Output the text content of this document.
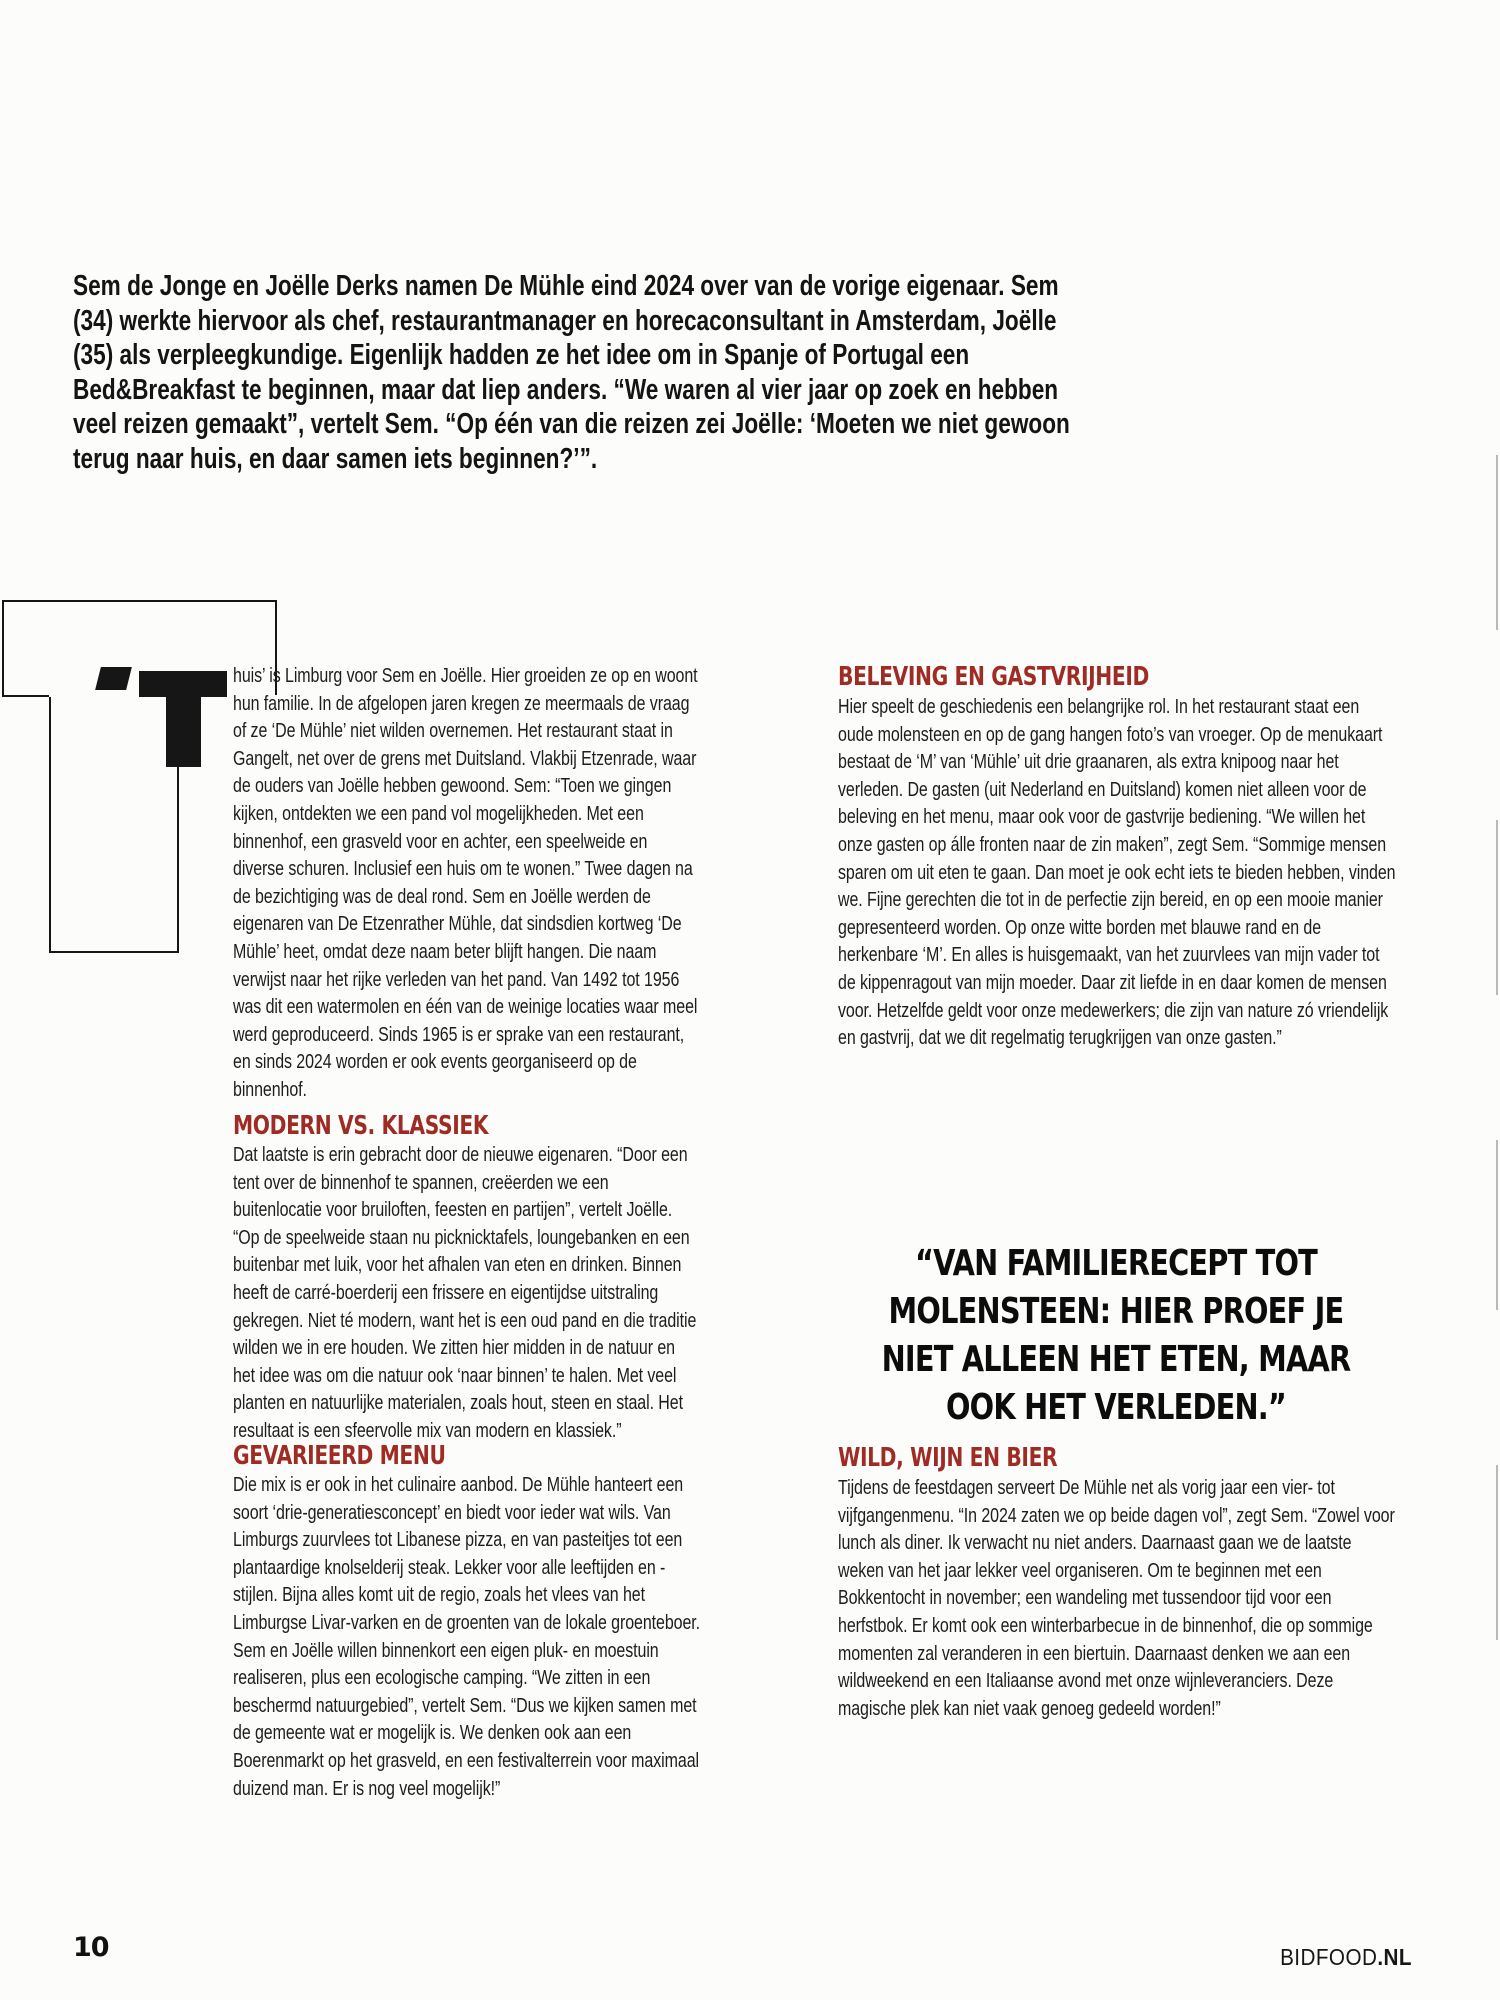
Sem de Jonge en Joëlle Derks namen De Mühle eind 2024 over van de vorige eigenaar. Sem (34) werkte hiervoor als chef, restaurantmanager en horecaconsultant in Amsterdam, Joëlle (35) als verpleegkundige. Eigenlijk hadden ze het idee om in Spanje of Portugal een Bed&Breakfast te beginnen, maar dat liep anders. “We waren al vier jaar op zoek en hebben veel reizen gemaakt”, vertelt Sem. “Op één van die reizen zei Joëlle: ‘Moeten we niet gewoon terug naar huis, en daar samen iets beginnen?’”.

huis’ is Limburg voor Sem en Joëlle. Hier groeiden ze op en woont hun familie. In de afgelopen jaren kregen ze meermaals de vraag of ze ‘De Mühle’ niet wilden overnemen. Het restaurant staat in Gangelt, net over de grens met Duitsland. Vlakbij Etzenrade, waar de ouders van Joëlle hebben gewoond. Sem: “Toen we gingen kijken, ontdekten we een pand vol mogelijkheden. Met een binnenhof, een grasveld voor en achter, een speelweide en diverse schuren. Inclusief een huis om te wonen.” Twee dagen na de bezichtiging was de deal rond. Sem en Joëlle werden de eigenaren van De Etzenrather Mühle, dat sindsdien kortweg ‘De Mühle’ heet, omdat deze naam beter blijft hangen. Die naam verwijst naar het rijke verleden van het pand. Van 1492 tot 1956 was dit een watermolen en één van de weinige locaties waar meel werd geproduceerd. Sinds 1965 is er sprake van een restaurant, en sinds 2024 worden er ook events georganiseerd op de binnenhof.

MODERN VS. KLASSIEK

Dat laatste is erin gebracht door de nieuwe eigenaren. “Door een tent over de binnenhof te spannen, creëerden we een buitenlocatie voor bruiloften, feesten en partijen”, vertelt Joëlle. “Op de speelweide staan nu picknicktafels, loungebanken en een buitenbar met luik, voor het afhalen van eten en drinken. Binnen heeft de carré-boerderij een frissere en eigentijdse uitstraling gekregen. Niet té modern, want het is een oud pand en die traditie wilden we in ere houden. We zitten hier midden in de natuur en het idee was om die natuur ook ‘naar binnen’ te halen. Met veel planten en natuurlijke materialen, zoals hout, steen en staal. Het resultaat is een sfeervolle mix van modern en klassiek.”

GEVARIEERD MENU

Die mix is er ook in het culinaire aanbod. De Mühle hanteert een soort ‘drie-generatiesconcept’ en biedt voor ieder wat wils. Van Limburgs zuurvlees tot Libanese pizza, en van pasteitjes tot een plantaardige knolselderij steak. Lekker voor alle leeftijden en -stijlen. Bijna alles komt uit de regio, zoals het vlees van het Limburgse Livar-varken en de groenten van de lokale groenteboer. Sem en Joëlle willen binnenkort een eigen pluk- en moestuin realiseren, plus een ecologische camping. “We zitten in een beschermd natuurgebied”, vertelt Sem. “Dus we kijken samen met de gemeente wat er mogelijk is. We denken ook aan een Boerenmarkt op het grasveld, en een festivalterrein voor maximaal duizend man. Er is nog veel mogelijk!”

BELEVING EN GASTVRIJHEID

Hier speelt de geschiedenis een belangrijke rol. In het restaurant staat een oude molensteen en op de gang hangen foto’s van vroeger. Op de menukaart bestaat de ‘M’ van ‘Mühle’ uit drie graanaren, als extra knipoog naar het verleden. De gasten (uit Nederland en Duitsland) komen niet alleen voor de beleving en het menu, maar ook voor de gastvrije bediening. “We willen het onze gasten op álle fronten naar de zin maken”, zegt Sem. “Sommige mensen sparen om uit eten te gaan. Dan moet je ook echt iets te bieden hebben, vinden we. Fijne gerechten die tot in de perfectie zijn bereid, en op een mooie manier gepresenteerd worden. Op onze witte borden met blauwe rand en de herkenbare ‘M’. En alles is huisgemaakt, van het zuurvlees van mijn vader tot de kippenragout van mijn moeder. Daar zit liefde in en daar komen de mensen voor. Hetzelfde geldt voor onze medewerkers; die zijn van nature zó vriendelijk en gastvrij, dat we dit regelmatig terugkrijgen van onze gasten.”

“VAN FAMILIERECEPT TOT
MOLENSTEEN: HIER PROEF JE
NIET ALLEEN HET ETEN, MAAR
OOK HET VERLEDEN.”
WILD, WIJN EN BIER

Tijdens de feestdagen serveert De Mühle net als vorig jaar een vier- tot vijfgangenmenu. “In 2024 zaten we op beide dagen vol”, zegt Sem. “Zowel voor lunch als diner. Ik verwacht nu niet anders. Daarnaast gaan we de laatste weken van het jaar lekker veel organiseren. Om te beginnen met een Bokkentocht in november; een wandeling met tussendoor tijd voor een herfstbok. Er komt ook een winterbarbecue in de binnenhof, die op sommige momenten zal veranderen in een biertuin. Daarnaast denken we aan een wildweekend en een Italiaanse avond met onze wijnleveranciers. Deze magische plek kan niet vaak genoeg gedeeld worden!”

10	BIDFOOD.NL
